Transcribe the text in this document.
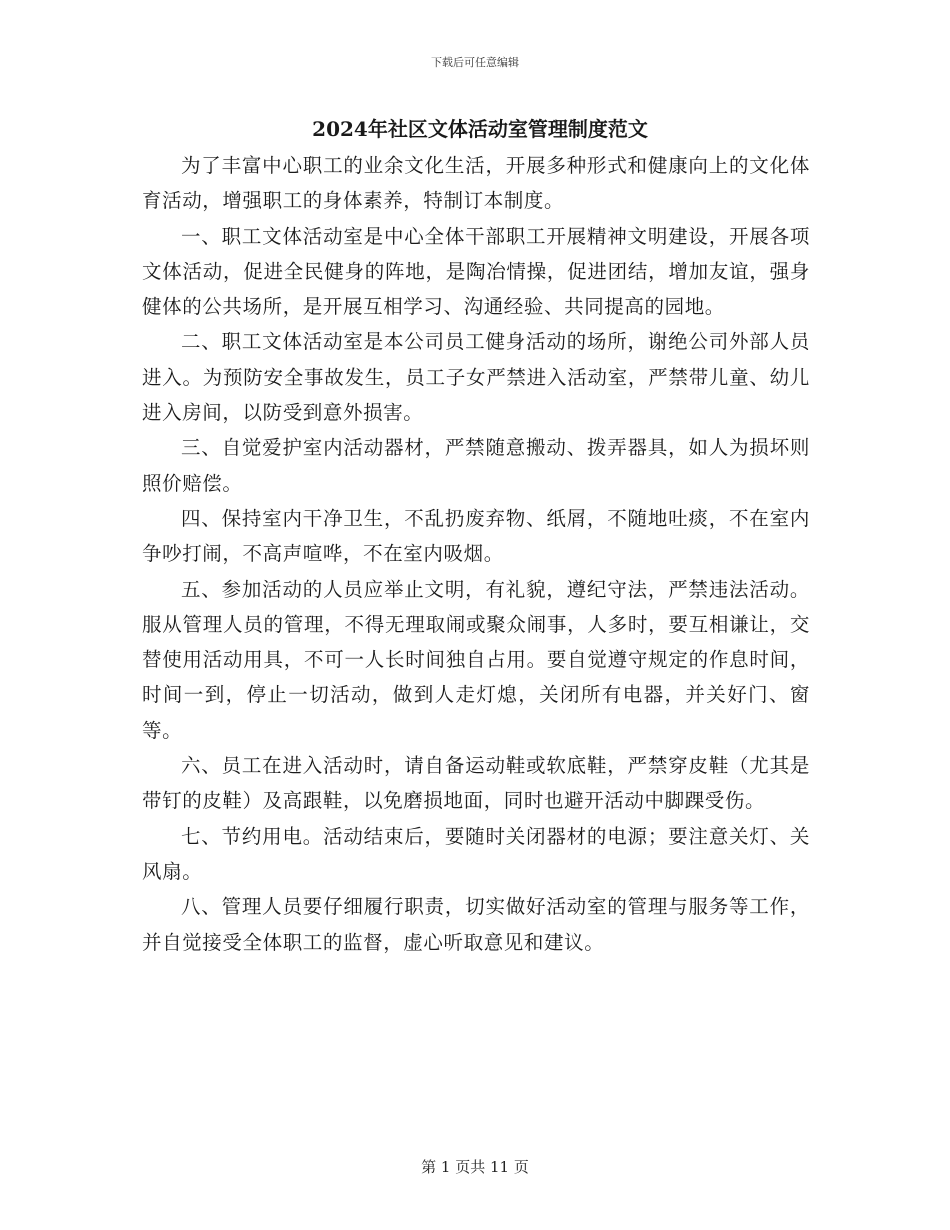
下载后可任意编辑
2024年社区文体活动室管理制度范文

为了丰富中心职工的业余文化生活，开展多种形式和健康向上的文化体育活动，增强职工的身体素养，特制订本制度。

一、职工文体活动室是中心全体干部职工开展精神文明建设，开展各项文体活动，促进全民健身的阵地，是陶冶情操，促进团结，增加友谊，强身健体的公共场所，是开展互相学习、沟通经验、共同提高的园地。

二、职工文体活动室是本公司员工健身活动的场所，谢绝公司外部人员进入。为预防安全事故发生，员工子女严禁进入活动室，严禁带儿童、幼儿进入房间，以防受到意外损害。

三、自觉爱护室内活动器材，严禁随意搬动、拨弄器具，如人为损坏则照价赔偿。

四、保持室内干净卫生，不乱扔废弃物、纸屑，不随地吐痰，不在室内争吵打闹，不高声喧哗，不在室内吸烟。

五、参加活动的人员应举止文明，有礼貌，遵纪守法，严禁违法活动。服从管理人员的管理，不得无理取闹或聚众闹事，人多时，要互相谦让，交替使用活动用具，不可一人长时间独自占用。要自觉遵守规定的作息时间，时间一到，停止一切活动，做到人走灯熄，关闭所有电器，并关好门、窗等。

六、员工在进入活动时，请自备运动鞋或软底鞋，严禁穿皮鞋（尤其是带钉的皮鞋）及高跟鞋，以免磨损地面，同时也避开活动中脚踝受伤。

七、节约用电。活动结束后，要随时关闭器材的电源；要注意关灯、关风扇。

八、管理人员要仔细履行职责，切实做好活动室的管理与服务等工作，并自觉接受全体职工的监督，虚心听取意见和建议。

第 1 页共 11 页
